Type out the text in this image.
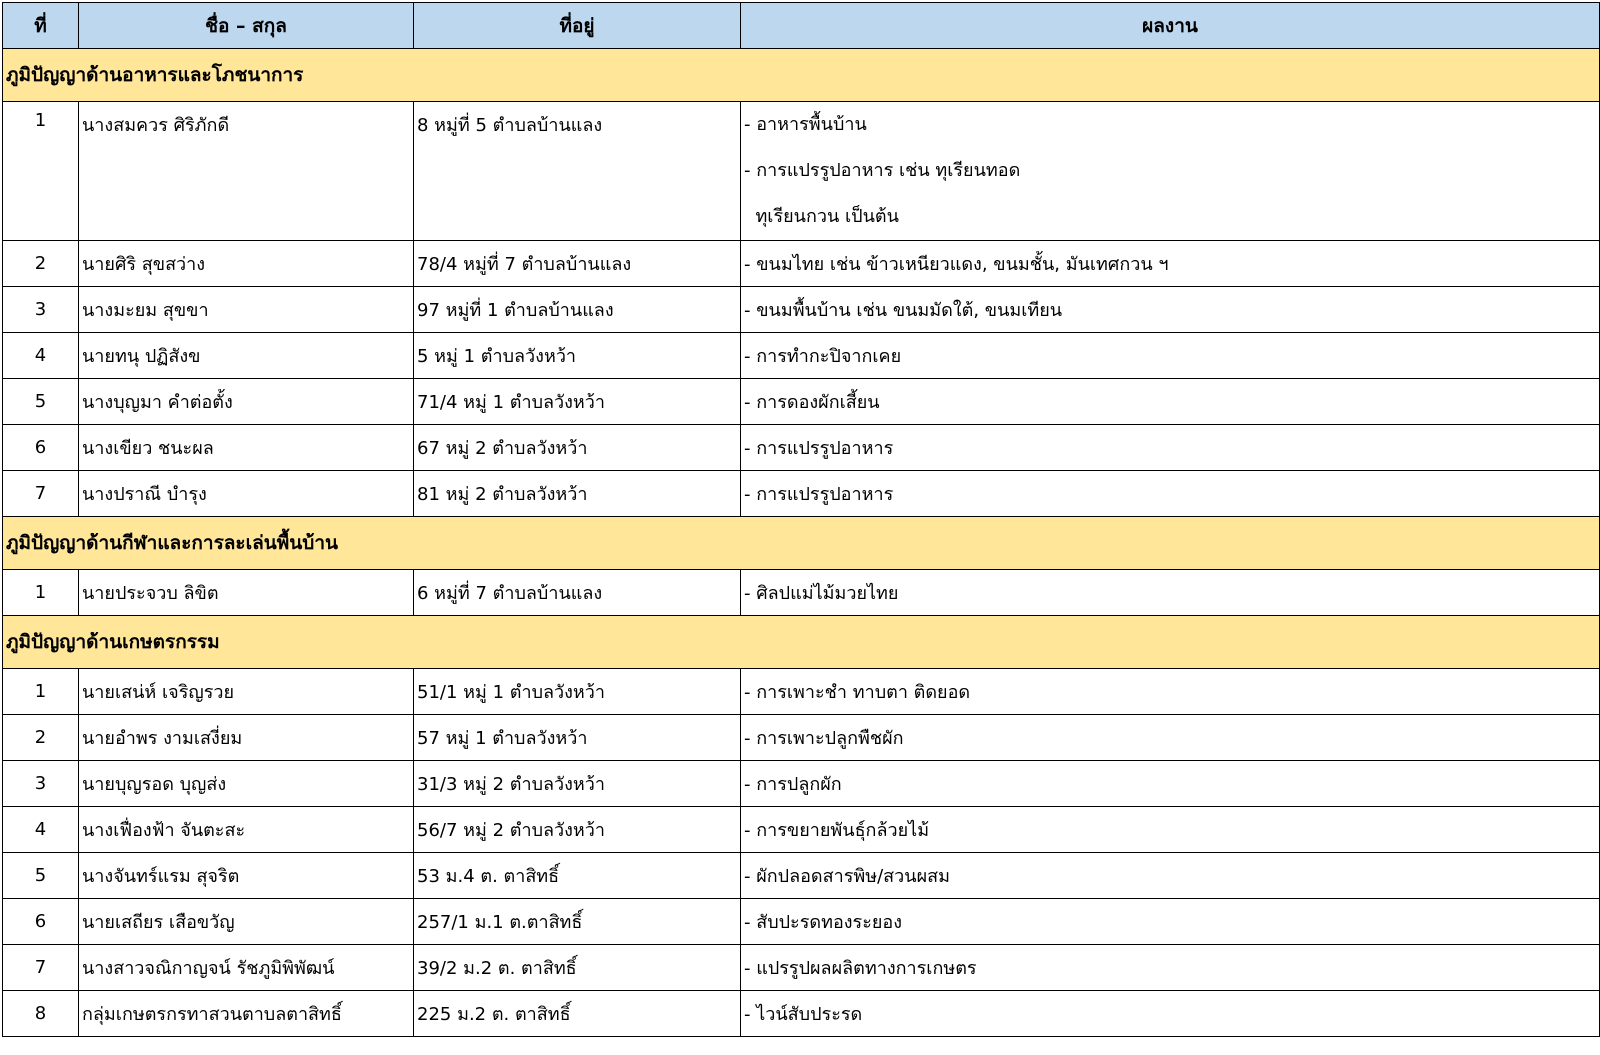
ที่	ชื่อ – สกุล	ที่อยู่	ผลงาน
ภูมิปัญญาด้านอาหารและโภชนาการ			
1	นางสมควร ศิริภักดี	8 หมู่ที่ 5 ตำบลบ้านแลง	- อาหารพื้นบ้าน
- การแปรรูปอาหาร เช่น ทุเรียนทอด
ทุเรียนกวน เป็นต้น

2	นายศิริ สุขสว่าง	78/4 หมู่ที่ 7 ตำบลบ้านแลง	- ขนมไทย เช่น ข้าวเหนียวแดง, ขนมชั้น, มันเทศกวน ฯ
3	นางมะยม สุขขา	97 หมู่ที่ 1 ตำบลบ้านแลง	- ขนมพื้นบ้าน เช่น ขนมมัดใต้, ขนมเทียน
4	นายทนุ ปฏิสังข	5 หมู่ 1 ตำบลวังหว้า	- การทำกะปิจากเคย
5	นางบุญมา คำต่อตั้ง	71/4 หมู่ 1 ตำบลวังหว้า	- การดองผักเสี้ยน
6	นางเขียว ชนะผล	67 หมู่ 2 ตำบลวังหว้า	- การแปรรูปอาหาร
7	นางปราณี บำรุง	81 หมู่ 2 ตำบลวังหว้า	- การแปรรูปอาหาร
ภูมิปัญญาด้านกีฬาและการละเล่นพื้นบ้าน			
1	นายประจวบ ลิขิต	6 หมู่ที่ 7 ตำบลบ้านแลง	- ศิลปแม่ไม้มวยไทย
ภูมิปัญญาด้านเกษตรกรรม			
1	นายเสน่ห์ เจริญรวย	51/1 หมู่ 1 ตำบลวังหว้า	- การเพาะชำ ทาบตา ติดยอด
2	นายอำพร งามเสงี่ยม	57 หมู่ 1 ตำบลวังหว้า	- การเพาะปลูกพืชผัก
3	นายบุญรอด บุญส่ง	31/3 หมู่ 2 ตำบลวังหว้า	- การปลูกผัก
4	นางเฟื่องฟ้า จันตะสะ	56/7 หมู่ 2 ตำบลวังหว้า	- การขยายพันธุ์กล้วยไม้
5	นางจันทร์แรม สุจริต	53 ม.4 ต. ตาสิทธิ์	- ผักปลอดสารพิษ/สวนผสม
6	นายเสถียร เสือขวัญ	257/1 ม.1 ต.ตาสิทธิ์	- สับปะรดทองระยอง
7	นางสาวจณิกาญจน์ รัชภูมิพิพัฒน์	39/2 ม.2 ต. ตาสิทธิ์	- แปรรูปผลผลิตทางการเกษตร
8	กลุ่มเกษตรกรทาสวนตาบลตาสิทธิ์	225 ม.2 ต. ตาสิทธิ์	- ไวน์สับประรด
